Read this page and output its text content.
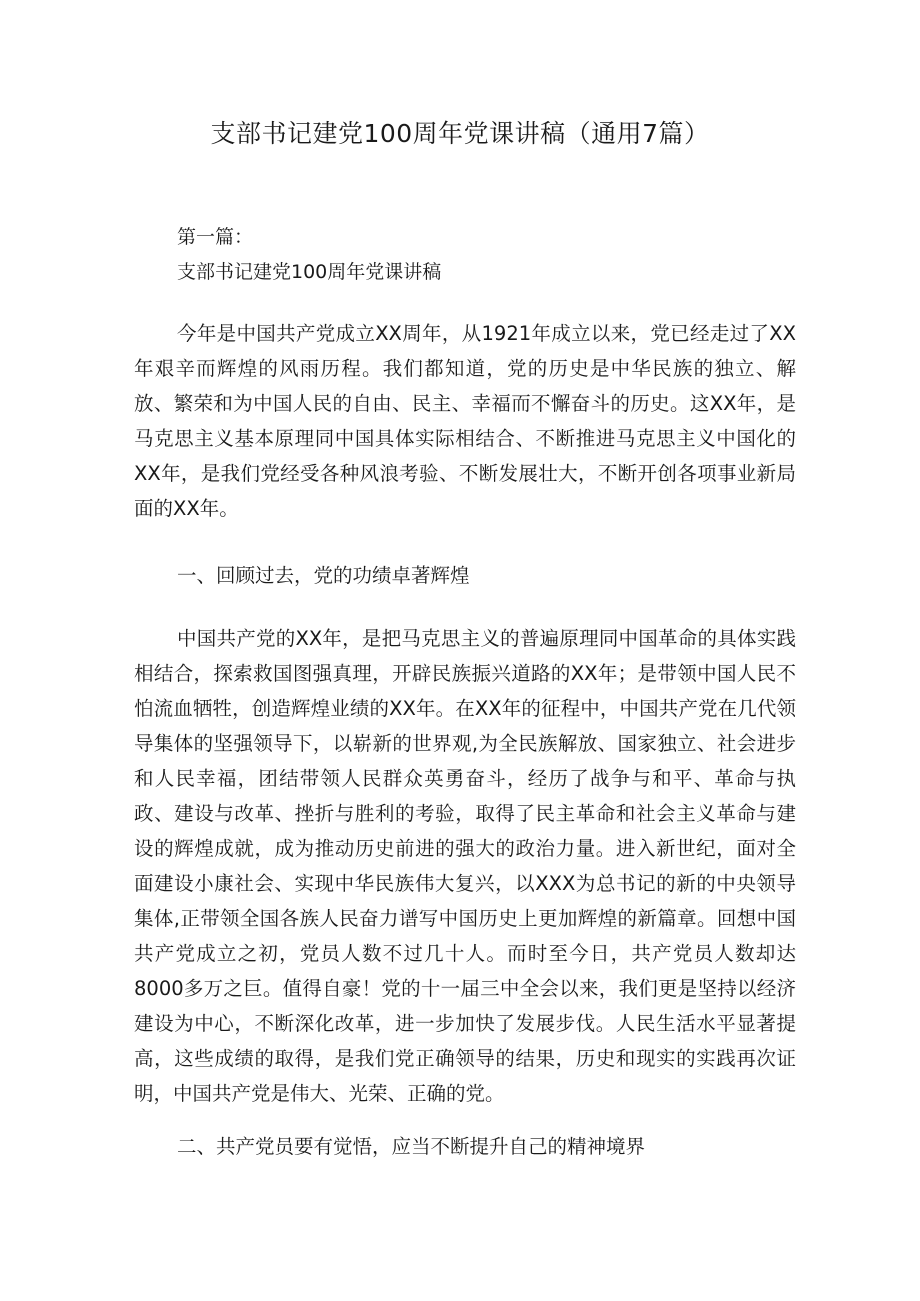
支部书记建党100周年党课讲稿（通用7篇）
第一篇：
支部书记建党100周年党课讲稿

今年是中国共产党成立XX周年，从1921年成立以来，党已经走过了XX年艰辛而辉煌的风雨历程。我们都知道，党的历史是中华民族的独立、解放、繁荣和为中国人民的自由、民主、幸福而不懈奋斗的历史。这XX年，是马克思主义基本原理同中国具体实际相结合、不断推进马克思主义中国化的XX年，是我们党经受各种风浪考验、不断发展壮大，不断开创各项事业新局面的XX年。

一、回顾过去，党的功绩卓著辉煌

中国共产党的XX年，是把马克思主义的普遍原理同中国革命的具体实践相结合，探索救国图强真理，开辟民族振兴道路的XX年；是带领中国人民不怕流血牺牲，创造辉煌业绩的XX年。在XX年的征程中，中国共产党在几代领导集体的坚强领导下，以崭新的世界观,为全民族解放、国家独立、社会进步和人民幸福，团结带领人民群众英勇奋斗，经历了战争与和平、革命与执政、建设与改革、挫折与胜利的考验，取得了民主革命和社会主义革命与建设的辉煌成就，成为推动历史前进的强大的政治力量。进入新世纪，面对全面建设小康社会、实现中华民族伟大复兴，以XXX为总书记的新的中央领导集体,正带领全国各族人民奋力谱写中国历史上更加辉煌的新篇章。回想中国共产党成立之初，党员人数不过几十人。而时至今日，共产党员人数却达8000多万之巨。值得自豪！党的十一届三中全会以来，我们更是坚持以经济建设为中心，不断深化改革，进一步加快了发展步伐。人民生活水平显著提高，这些成绩的取得，是我们党正确领导的结果，历史和现实的实践再次证明，中国共产党是伟大、光荣、正确的党。

二、共产党员要有觉悟，应当不断提升自己的精神境界
